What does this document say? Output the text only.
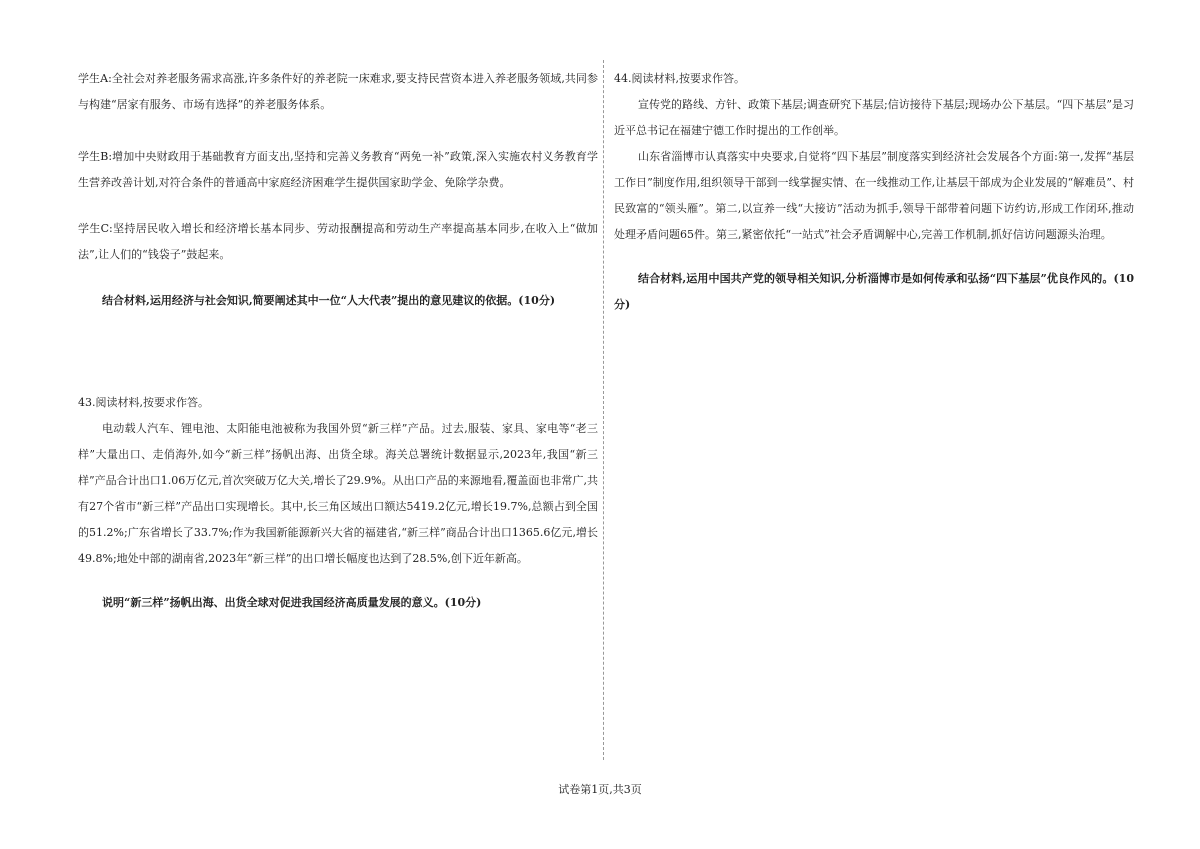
学生A:全社会对养老服务需求高涨,许多条件好的养老院一床难求,要支持民营资本进入养老服务领域,共同参与构建“居家有服务、市场有选择”的养老服务体系。

学生B:增加中央财政用于基础教育方面支出,坚持和完善义务教育“两免一补”政策,深入实施农村义务教育学生营养改善计划,对符合条件的普通高中家庭经济困难学生提供国家助学金、免除学杂费。

学生C:坚持居民收入增长和经济增长基本同步、劳动报酬提高和劳动生产率提高基本同步,在收入上“做加法”,让人们的“钱袋子”鼓起来。

结合材料,运用经济与社会知识,简要阐述其中一位“人大代表”提出的意见建议的依据。(10分)

43.阅读材料,按要求作答。

电动载人汽车、锂电池、太阳能电池被称为我国外贸“新三样”产品。过去,服装、家具、家电等“老三样”大量出口、走俏海外,如今“新三样”扬帆出海、出货全球。海关总署统计数据显示,2023年,我国“新三样”产品合计出口1.06万亿元,首次突破万亿大关,增长了29.9%。从出口产品的来源地看,覆盖面也非常广,共有27个省市“新三样”产品出口实现增长。其中,长三角区域出口额达5419.2亿元,增长19.7%,总额占到全国的51.2%;广东省增长了33.7%;作为我国新能源新兴大省的福建省,“新三样”商品合计出口1365.6亿元,增长49.8%;地处中部的湖南省,2023年“新三样”的出口增长幅度也达到了28.5%,创下近年新高。

说明“新三样”扬帆出海、出货全球对促进我国经济高质量发展的意义。(10分)

44.阅读材料,按要求作答。

宣传党的路线、方针、政策下基层;调查研究下基层;信访接待下基层;现场办公下基层。“四下基层”是习近平总书记在福建宁德工作时提出的工作创举。

山东省淄博市认真落实中央要求,自觉将“四下基层”制度落实到经济社会发展各个方面:第一,发挥“基层工作日”制度作用,组织领导干部到一线掌握实情、在一线推动工作,让基层干部成为企业发展的“解难员”、村民致富的“领头雁”。第二,以宣养一线“大接访”活动为抓手,领导干部带着问题下访约访,形成工作闭环,推动处理矛盾问题65件。第三,紧密依托“一站式”社会矛盾调解中心,完善工作机制,抓好信访问题源头治理。

结合材料,运用中国共产党的领导相关知识,分析淄博市是如何传承和弘扬“四下基层”优良作风的。(10分)

试卷第1页,共3页
